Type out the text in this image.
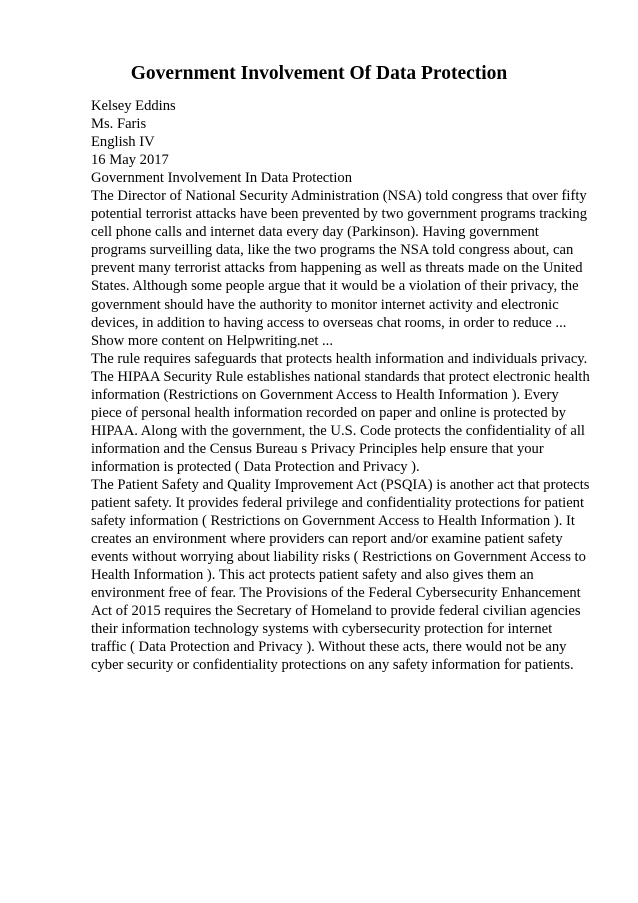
Government Involvement Of Data Protection
Kelsey Eddins
Ms. Faris
English IV
16 May 2017
Government Involvement In Data Protection
The Director of National Security Administration (NSA) told congress that over fifty
potential terrorist attacks have been prevented by two government programs tracking
cell phone calls and internet data every day (Parkinson). Having government
programs surveilling data, like the two programs the NSA told congress about, can
prevent many terrorist attacks from happening as well as threats made on the United
States. Although some people argue that it would be a violation of their privacy, the
government should have the authority to monitor internet activity and electronic
devices, in addition to having access to overseas chat rooms, in order to reduce ...
Show more content on Helpwriting.net ...
The rule requires safeguards that protects health information and individuals privacy.
The HIPAA Security Rule establishes national standards that protect electronic health
information (Restrictions on Government Access to Health Information ). Every
piece of personal health information recorded on paper and online is protected by
HIPAA. Along with the government, the U.S. Code protects the confidentiality of all
information and the Census Bureau s Privacy Principles help ensure that your
information is protected ( Data Protection and Privacy ).
The Patient Safety and Quality Improvement Act (PSQIA) is another act that protects
patient safety. It provides federal privilege and confidentiality protections for patient
safety information ( Restrictions on Government Access to Health Information ). It
creates an environment where providers can report and/or examine patient safety
events without worrying about liability risks ( Restrictions on Government Access to
Health Information ). This act protects patient safety and also gives them an
environment free of fear. The Provisions of the Federal Cybersecurity Enhancement
Act of 2015 requires the Secretary of Homeland to provide federal civilian agencies
their information technology systems with cybersecurity protection for internet
traffic ( Data Protection and Privacy ). Without these acts, there would not be any
cyber security or confidentiality protections on any safety information for patients.
